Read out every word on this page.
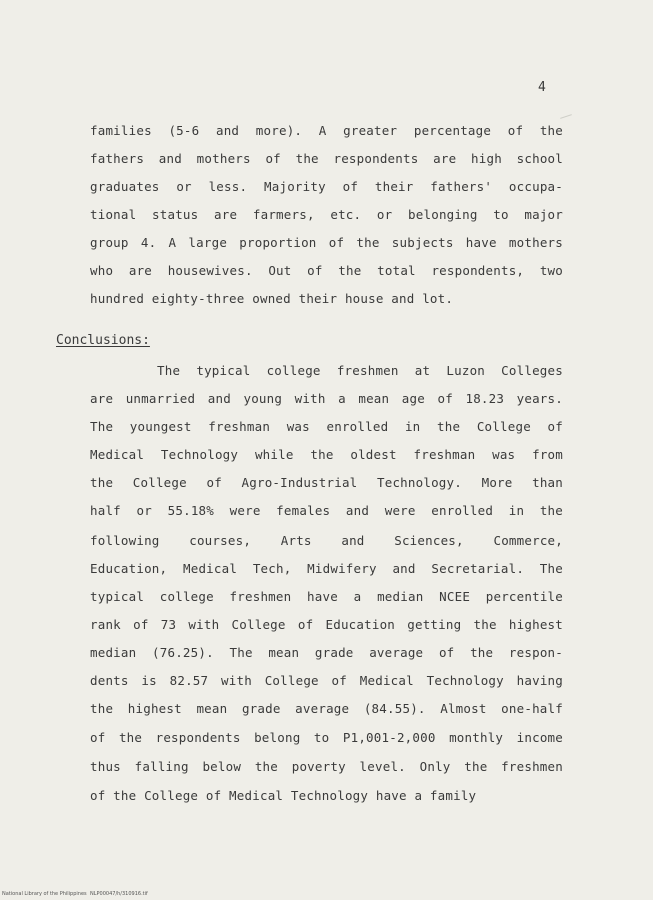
4
families (5-6 and more). A greater percentage of the
fathers and mothers of the respondents are high school
graduates or less. Majority of their fathers' occupa-
tional status are farmers, etc. or belonging to major
group 4. A large proportion of the subjects have mothers
who are housewives. Out of the total respondents, two
hundred eighty-three owned their house and lot.
Conclusions:
The typical college freshmen at Luzon Colleges
are unmarried and young with a mean age of 18.23 years.
The youngest freshman was enrolled in the College of
Medical Technology while the oldest freshman was from
the College of Agro-Industrial Technology. More than
half or 55.18% were females and were enrolled in the
following courses, Arts and Sciences, Commerce,
Education, Medical Tech, Midwifery and Secretarial. The
typical college freshmen have a median NCEE percentile
rank of 73 with College of Education getting the highest
median (76.25). The mean grade average of the respon-
dents is 82.57 with College of Medical Technology having
the highest mean grade average (84.55). Almost one-half
of the respondents belong to P1,001-2,000 monthly income
thus falling below the poverty level. Only the freshmen
of the College of Medical Technology have a family
National Library of the Philippines NLP00047/h/310916.tif
